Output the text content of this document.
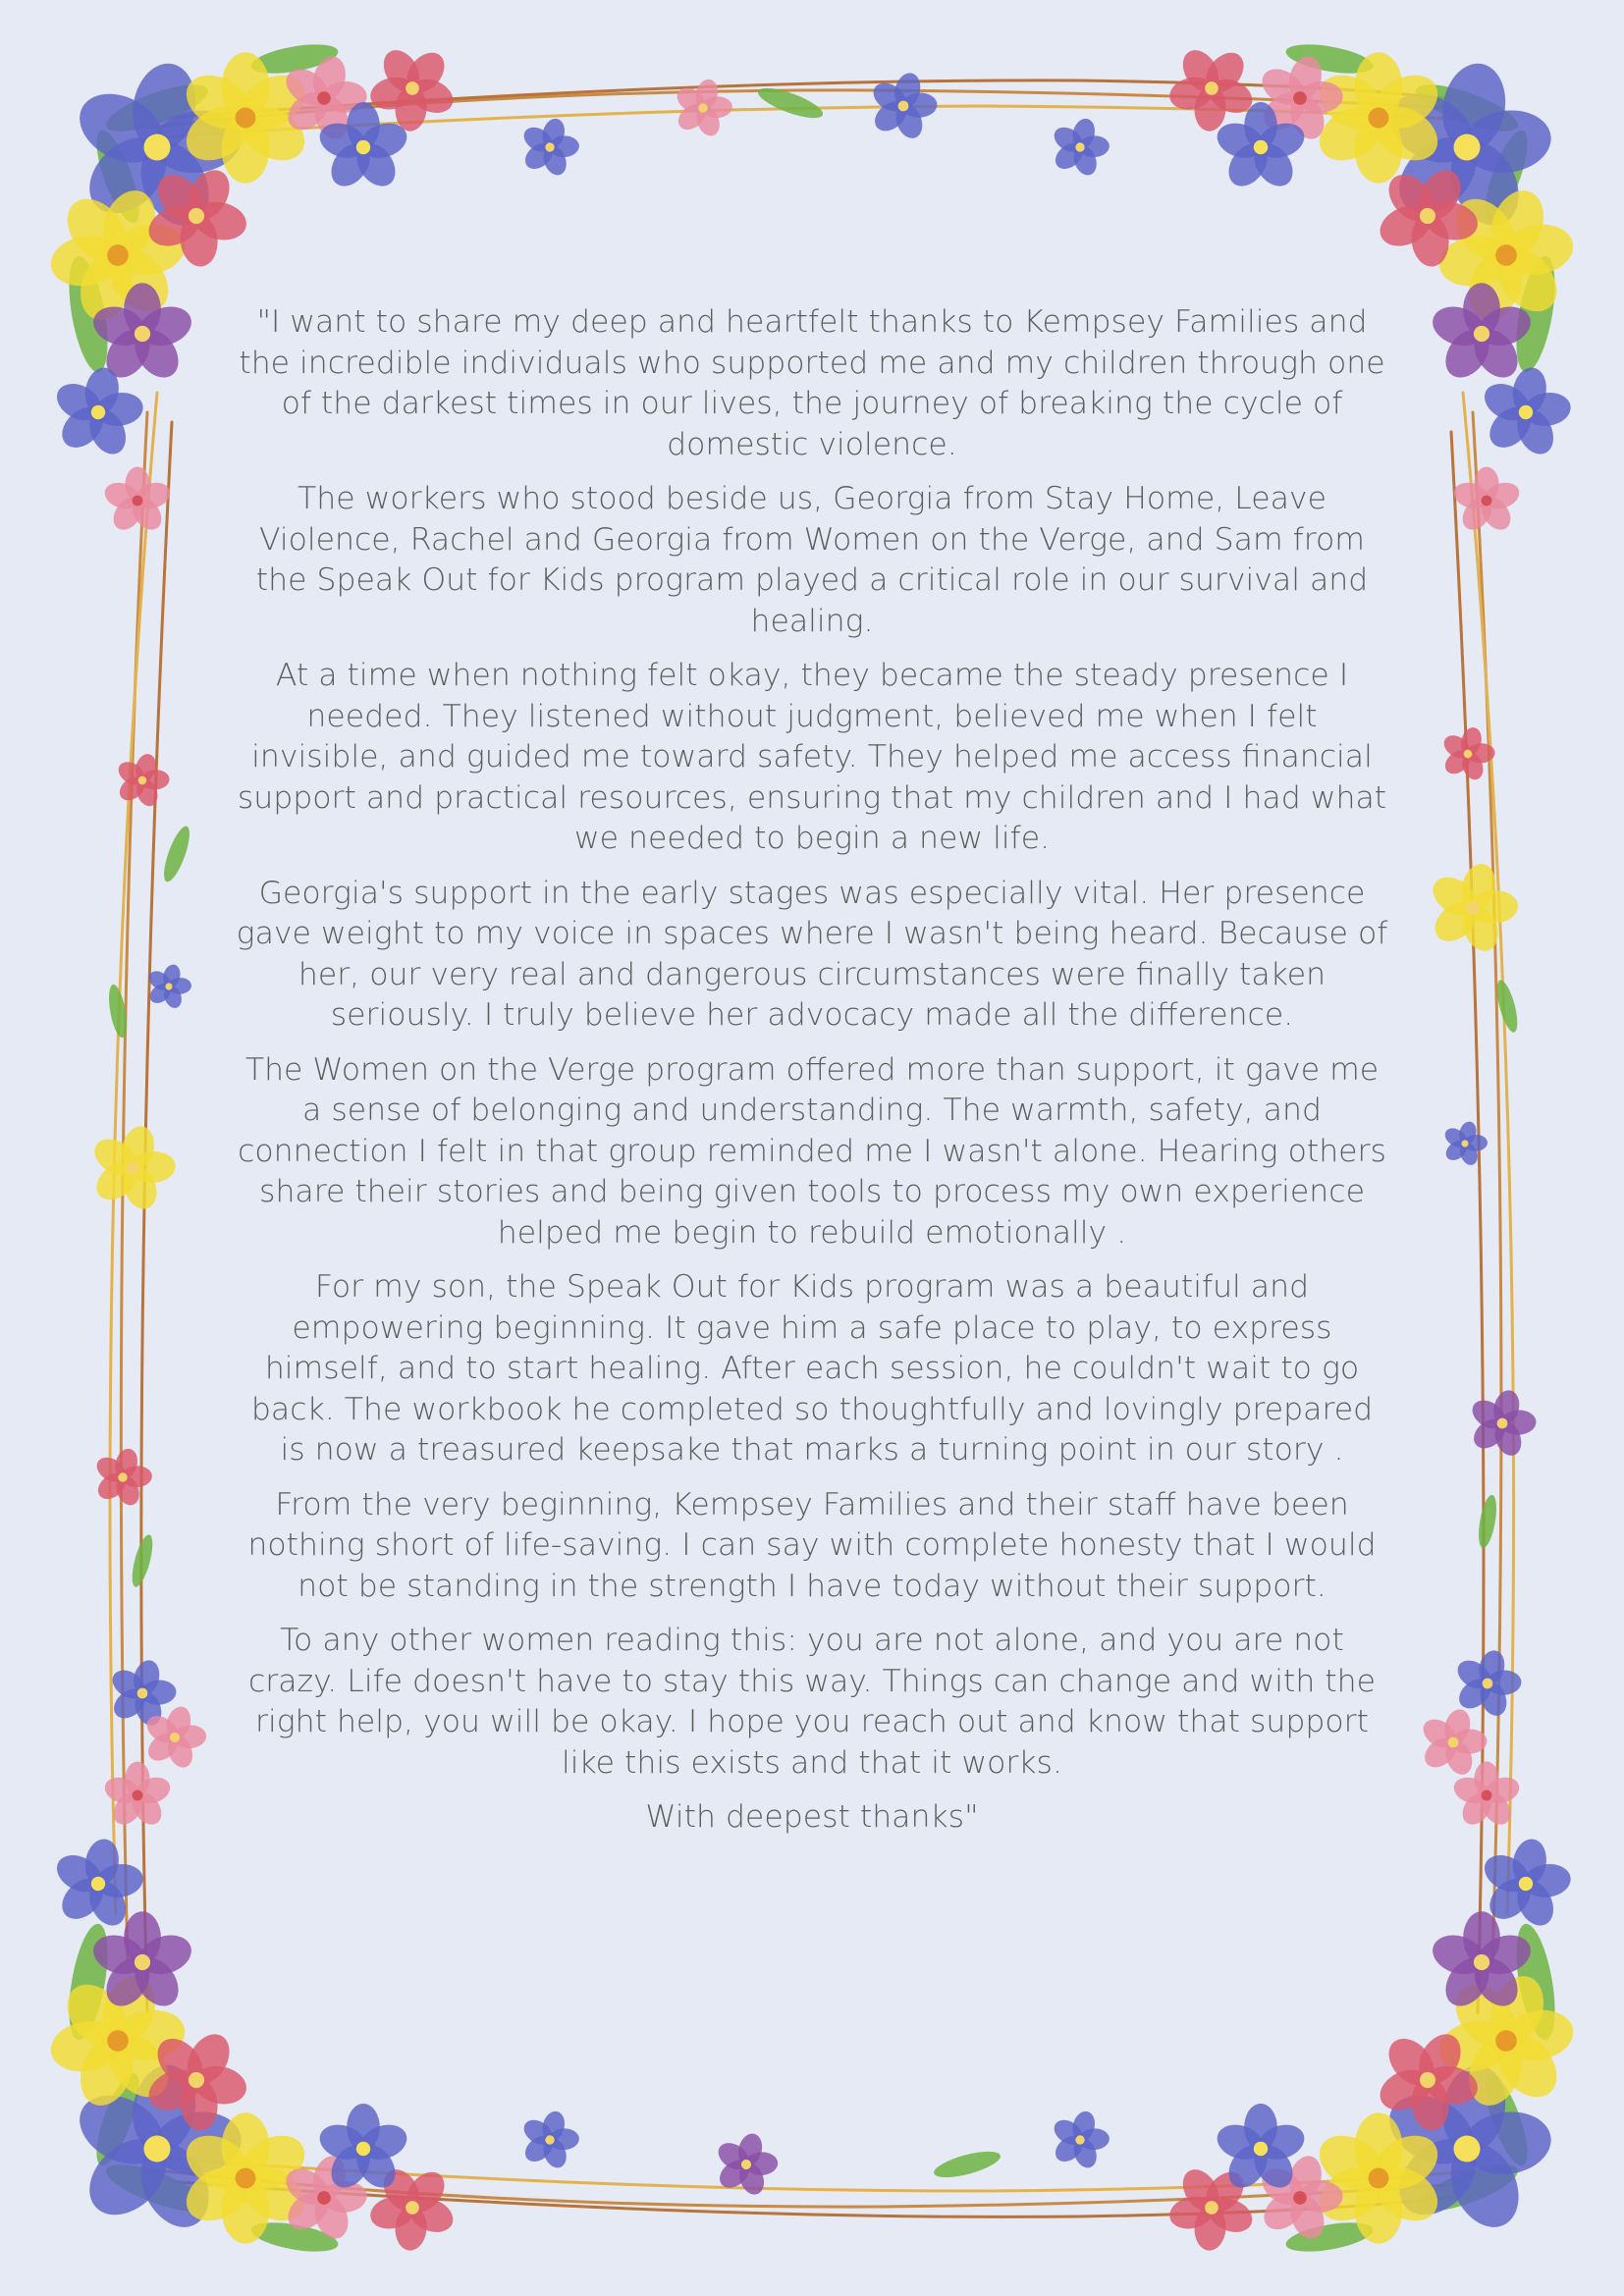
"I want to share my deep and heartfelt thanks to Kempsey Families and the incredible individuals who supported me and my children through one of the darkest times in our lives, the journey of breaking the cycle of domestic violence.

The workers who stood beside us, Georgia from Stay Home, Leave Violence, Rachel and Georgia from Women on the Verge, and Sam from the Speak Out for Kids program played a critical role in our survival and healing.

At a time when nothing felt okay, they became the steady presence I needed. They listened without judgment, believed me when I felt invisible, and guided me toward safety. They helped me access financial support and practical resources, ensuring that my children and I had what we needed to begin a new life.

Georgia's support in the early stages was especially vital. Her presence gave weight to my voice in spaces where I wasn't being heard. Because of her, our very real and dangerous circumstances were finally taken seriously. I truly believe her advocacy made all the difference.

The Women on the Verge program offered more than support, it gave me a sense of belonging and understanding. The warmth, safety, and connection I felt in that group reminded me I wasn't alone. Hearing others share their stories and being given tools to process my own experience helped me begin to rebuild emotionally .

For my son, the Speak Out for Kids program was a beautiful and empowering beginning. It gave him a safe place to play, to express himself, and to start healing. After each session, he couldn't wait to go back. The workbook he completed so thoughtfully and lovingly prepared is now a treasured keepsake that marks a turning point in our story .

From the very beginning, Kempsey Families and their staff have been nothing short of life-saving. I can say with complete honesty that I would not be standing in the strength I have today without their support.

To any other women reading this: you are not alone, and you are not crazy. Life doesn't have to stay this way. Things can change and with the right help, you will be okay. I hope you reach out and know that support like this exists and that it works.

With deepest thanks"
